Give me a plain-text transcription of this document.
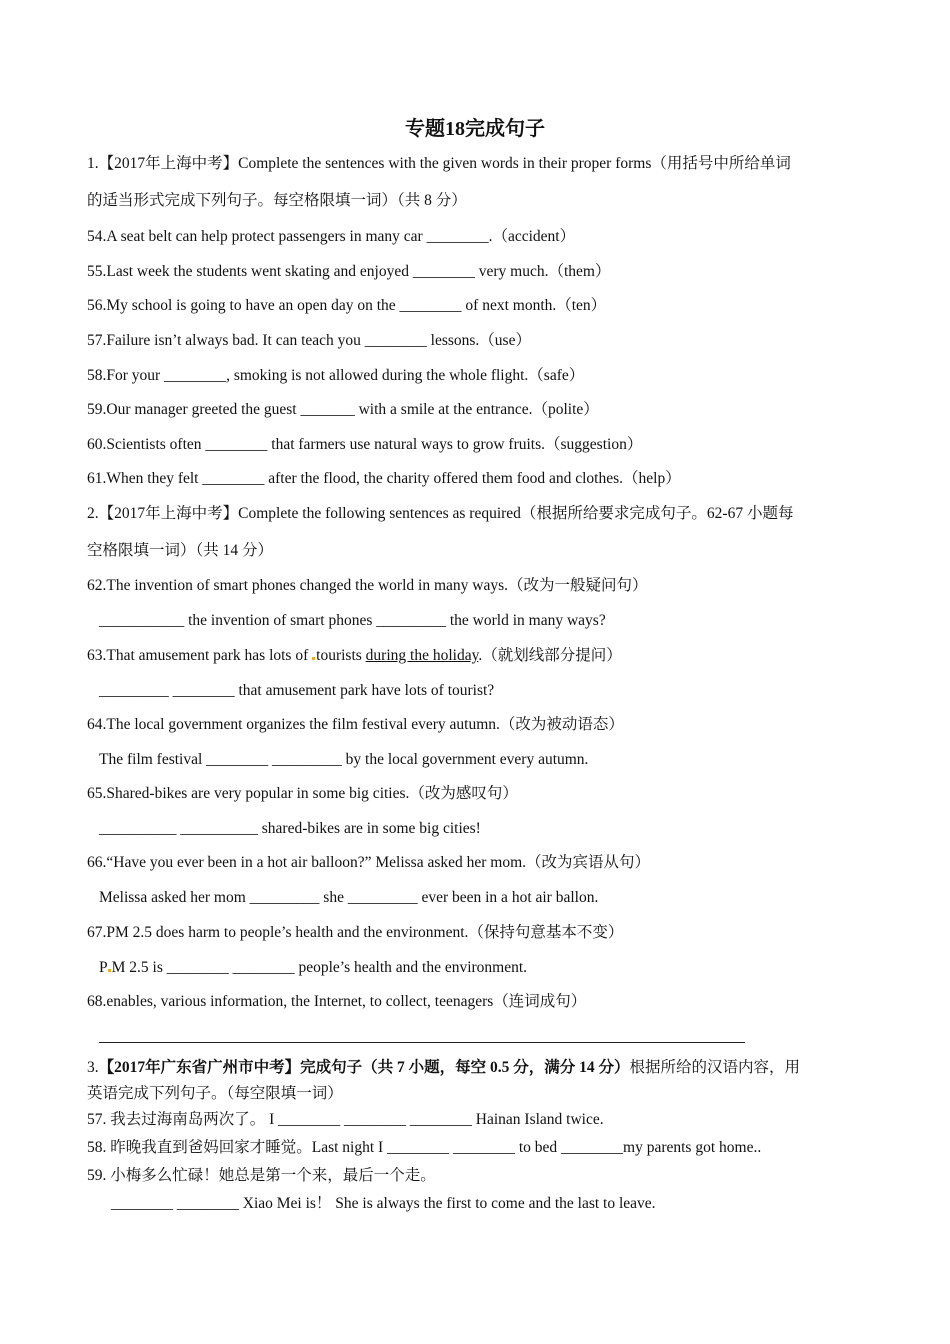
专题18完成句子
1.【2017年上海中考】Complete the sentences with the given words in their proper forms（用括号中所给单词
的适当形式完成下列句子。每空格限填一词）（共 8 分）
54.A seat belt can help protect passengers in many car ________.（accident）
55.Last week the students went skating and enjoyed ________ very much.（them）
56.My school is going to have an open day on the ________ of next month.（ten）
57.Failure isn’t always bad. It can teach you ________ lessons.（use）
58.For your ________, smoking is not allowed during the whole flight.（safe）
59.Our manager greeted the guest _______ with a smile at the entrance.（polite）
60.Scientists often ________ that farmers use natural ways to grow fruits.（suggestion）
61.When they felt ________ after the flood, the charity offered them food and clothes.（help）
2.【2017年上海中考】Complete the following sentences as required（根据所给要求完成句子。62-67 小题每
空格限填一词）（共 14 分）
62.The invention of smart phones changed the world in many ways.（改为一般疑问句）
___________ the invention of smart phones _________ the world in many ways?
63.That amusement park has lots of tourists during the holiday.（就划线部分提问）
_________ ________ that amusement park have lots of tourist?
64.The local government organizes the film festival every autumn.（改为被动语态）
The film festival ________ _________ by the local government every autumn.
65.Shared-bikes are very popular in some big cities.（改为感叹句）
__________ __________ shared-bikes are in some big cities!
66.“Have you ever been in a hot air balloon?” Melissa asked her mom.（改为宾语从句）
Melissa asked her mom _________ she _________ ever been in a hot air ballon.
67.PM 2.5 does harm to people’s health and the environment.（保持句意基本不变）
P M 2.5 is ________ ________ people’s health and the environment.
68.enables, various information, the Internet, to collect, teenagers（连词成句）
3.【2017年广东省广州市中考】完成句子（共 7 小题，每空 0.5 分，满分 14 分）根据所给的汉语内容，用
英语完成下列句子。（每空限填一词）
57. 我去过海南岛两次了。 I ________ ________ ________ Hainan Island twice.
58. 昨晚我直到爸妈回家才睡觉。Last night I ________ ________ to bed ________my parents got home..
59. 小梅多么忙碌！她总是第一个来，最后一个走。
________ ________ Xiao Mei is！ She is always the first to come and the last to leave.
